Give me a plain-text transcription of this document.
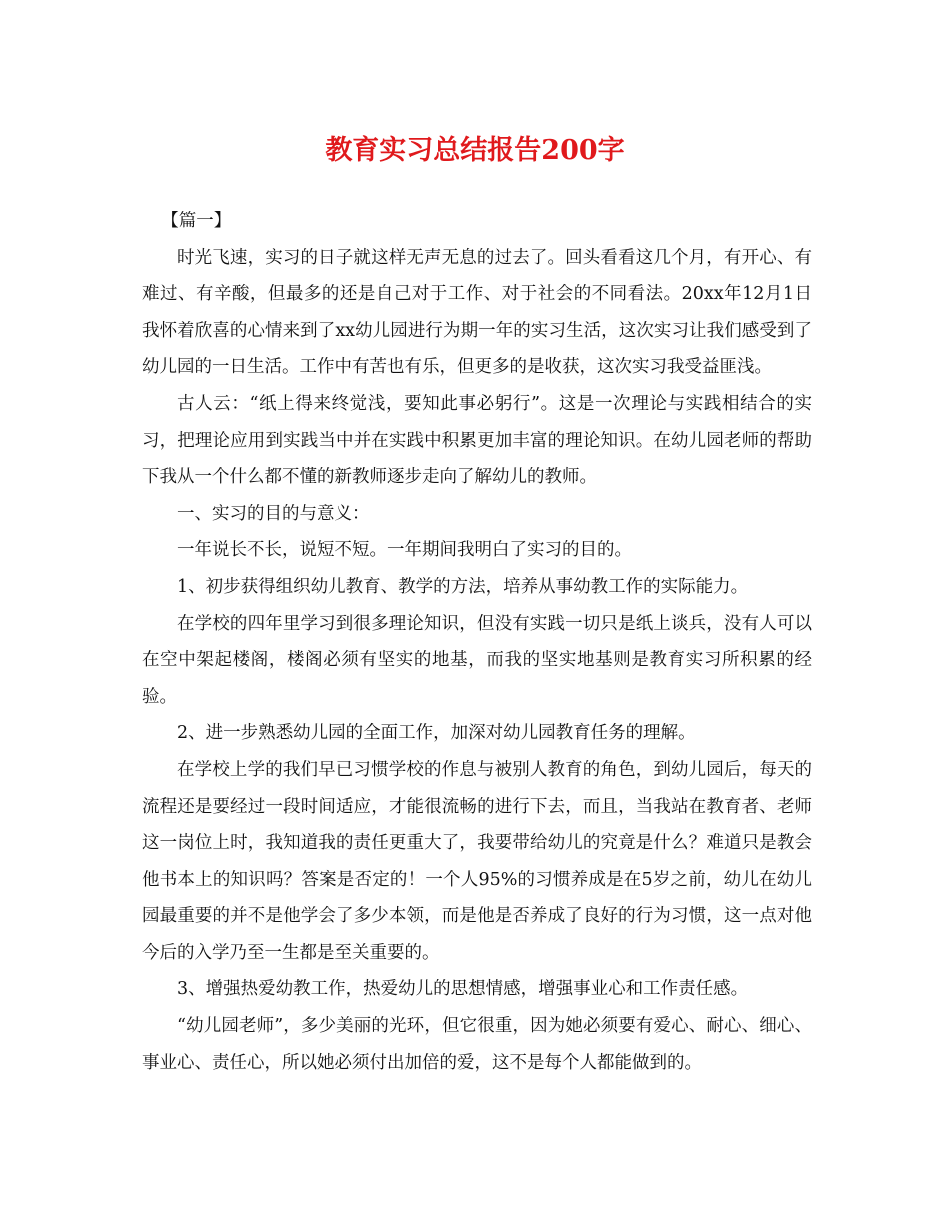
教育实习总结报告200字

【篇一】

时光飞速，实习的日子就这样无声无息的过去了。回头看看这几个月，有开心、有难过、有辛酸，但最多的还是自己对于工作、对于社会的不同看法。20xx年12月1日我怀着欣喜的心情来到了xx幼儿园进行为期一年的实习生活，这次实习让我们感受到了幼儿园的一日生活。工作中有苦也有乐，但更多的是收获，这次实习我受益匪浅。

古人云：“纸上得来终觉浅，要知此事必躬行”。这是一次理论与实践相结合的实习，把理论应用到实践当中并在实践中积累更加丰富的理论知识。在幼儿园老师的帮助下我从一个什么都不懂的新教师逐步走向了解幼儿的教师。

一、实习的目的与意义：

一年说长不长，说短不短。一年期间我明白了实习的目的。

1、初步获得组织幼儿教育、教学的方法，培养从事幼教工作的实际能力。

在学校的四年里学习到很多理论知识，但没有实践一切只是纸上谈兵，没有人可以在空中架起楼阁，楼阁必须有坚实的地基，而我的坚实地基则是教育实习所积累的经验。

2、进一步熟悉幼儿园的全面工作，加深对幼儿园教育任务的理解。

在学校上学的我们早已习惯学校的作息与被别人教育的角色，到幼儿园后，每天的流程还是要经过一段时间适应，才能很流畅的进行下去，而且，当我站在教育者、老师这一岗位上时，我知道我的责任更重大了，我要带给幼儿的究竟是什么？难道只是教会他书本上的知识吗？答案是否定的！一个人95%的习惯养成是在5岁之前，幼儿在幼儿园最重要的并不是他学会了多少本领，而是他是否养成了良好的行为习惯，这一点对他今后的入学乃至一生都是至关重要的。

3、增强热爱幼教工作，热爱幼儿的思想情感，增强事业心和工作责任感。

“幼儿园老师”，多少美丽的光环，但它很重，因为她必须要有爱心、耐心、细心、事业心、责任心，所以她必须付出加倍的爱，这不是每个人都能做到的。
